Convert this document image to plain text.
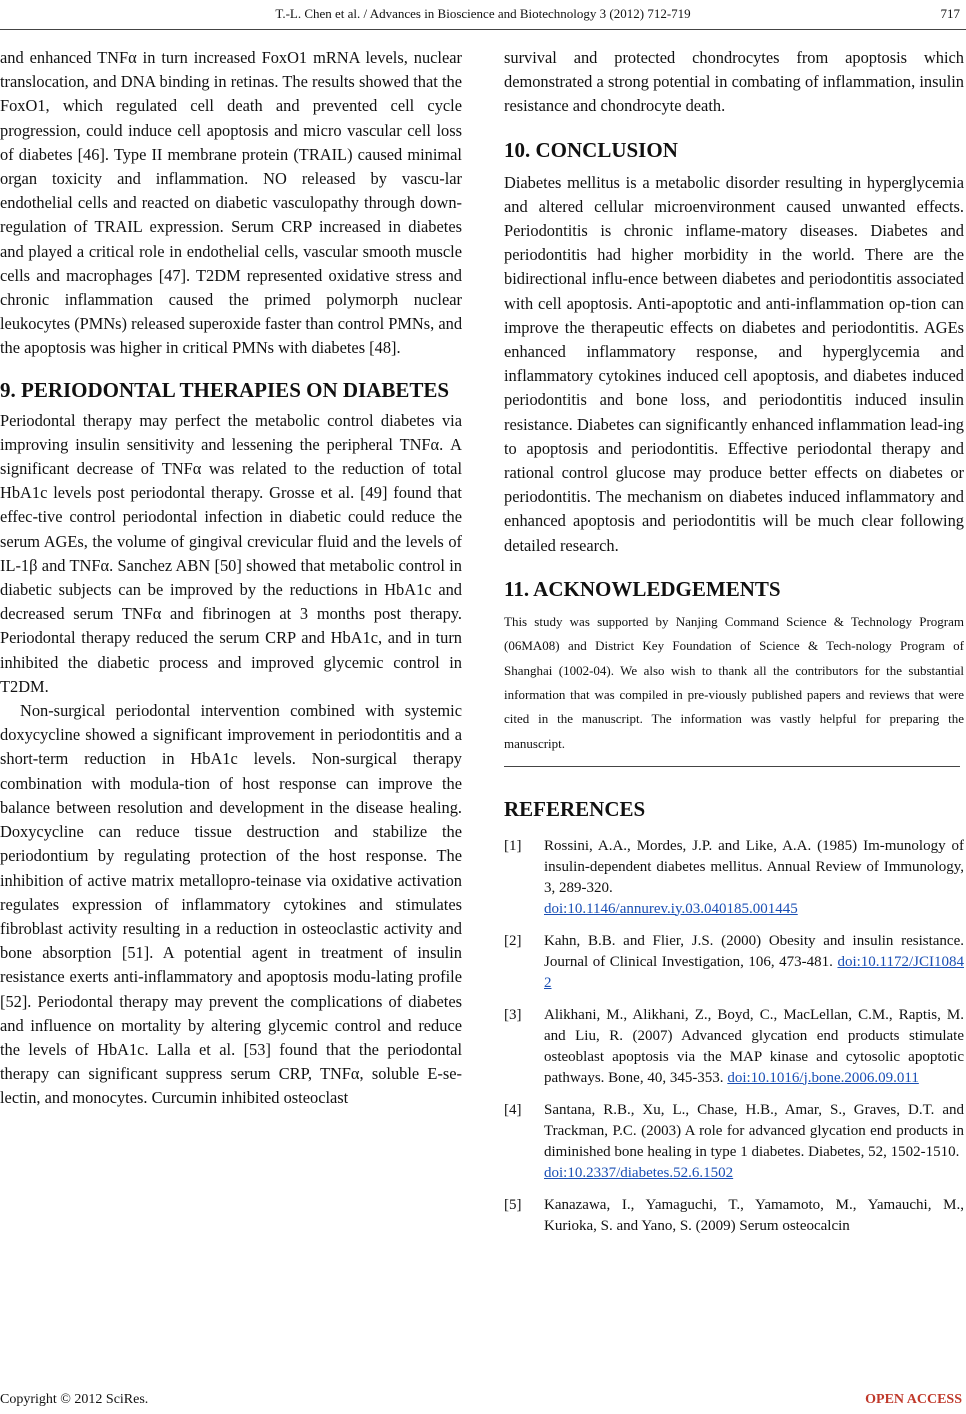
T.-L. Chen et al. / Advances in Bioscience and Biotechnology 3 (2012) 712-719	717

and enhanced TNFα in turn increased FoxO1 mRNA levels, nuclear translocation, and DNA binding in retinas. The results showed that the FoxO1, which regulated cell death and prevented cell cycle progression, could induce cell apoptosis and micro vascular cell loss of diabetes [46]. Type II membrane protein (TRAIL) caused minimal organ toxicity and inflammation. NO released by vascu-lar endothelial cells and reacted on diabetic vasculopathy through down-regulation of TRAIL expression. Serum CRP increased in diabetes and played a critical role in endothelial cells, vascular smooth muscle cells and macrophages [47]. T2DM represented oxidative stress and chronic inflammation caused the primed polymorph nuclear leukocytes (PMNs) released superoxide faster than control PMNs, and the apoptosis was higher in critical PMNs with diabetes [48].

9. PERIODONTAL THERAPIES ON DIABETES

Periodontal therapy may perfect the metabolic control diabetes via improving insulin sensitivity and lessening the peripheral TNFα. A significant decrease of TNFα was related to the reduction of total HbA1c levels post periodontal therapy. Grosse et al. [49] found that effec-tive control periodontal infection in diabetic could reduce the serum AGEs, the volume of gingival crevicular fluid and the levels of IL-1β and TNFα. Sanchez ABN [50] showed that metabolic control in diabetic subjects can be improved by the reductions in HbA1c and decreased serum TNFα and fibrinogen at 3 months post therapy. Periodontal therapy reduced the serum CRP and HbA1c, and in turn inhibited the diabetic process and improved glycemic control in T2DM.

Non-surgical periodontal intervention combined with systemic doxycycline showed a significant improvement in periodontitis and a short-term reduction in HbA1c levels. Non-surgical therapy combination with modula-tion of host response can improve the balance between resolution and development in the disease healing. Doxycycline can reduce tissue destruction and stabilize the periodontium by regulating protection of the host response. The inhibition of active matrix metallopro-teinase via oxidative activation regulates expression of inflammatory cytokines and stimulates fibroblast activity resulting in a reduction in osteoclastic activity and bone absorption [51]. A potential agent in treatment of insulin resistance exerts anti-inflammatory and apoptosis modu-lating profile [52]. Periodontal therapy may prevent the complications of diabetes and influence on mortality by altering glycemic control and reduce the levels of HbA1c. Lalla et al. [53] found that the periodontal therapy can significant suppress serum CRP, TNFα, soluble E-se-lectin, and monocytes. Curcumin inhibited osteoclast

survival and protected chondrocytes from apoptosis which demonstrated a strong potential in combating of inflammation, insulin resistance and chondrocyte death.

10. CONCLUSION

Diabetes mellitus is a metabolic disorder resulting in hyperglycemia and altered cellular microenvironment caused unwanted effects. Periodontitis is chronic inflame-matory diseases. Diabetes and periodontitis had higher morbidity in the world. There are the bidirectional influ-ence between diabetes and periodontitis associated with cell apoptosis. Anti-apoptotic and anti-inflammation op-tion can improve the therapeutic effects on diabetes and periodontitis. AGEs enhanced inflammatory response, and hyperglycemia and inflammatory cytokines induced cell apoptosis, and diabetes induced periodontitis and bone loss, and periodontitis induced insulin resistance. Diabetes can significantly enhanced inflammation lead-ing to apoptosis and periodontitis. Effective periodontal therapy and rational control glucose may produce better effects on diabetes or periodontitis. The mechanism on diabetes induced inflammatory and enhanced apoptosis and periodontitis will be much clear following detailed research.

11. ACKNOWLEDGEMENTS

This study was supported by Nanjing Command Science & Technology Program (06MA08) and District Key Foundation of Science & Tech-nology Program of Shanghai (1002-04). We also wish to thank all the contributors for the substantial information that was compiled in pre-viously published papers and reviews that were cited in the manuscript. The information was vastly helpful for preparing the manuscript.

REFERENCES
[1]	Rossini, A.A., Mordes, J.P. and Like, A.A. (1985) Im-munology of insulin-dependent diabetes mellitus. Annual Review of Immunology, 3, 289-320.
doi:10.1146/annurev.iy.03.040185.001445
[2]	Kahn, B.B. and Flier, J.S. (2000) Obesity and insulin resistance. Journal of Clinical Investigation, 106, 473-481. doi:10.1172/JCI10842
[3]	Alikhani, M., Alikhani, Z., Boyd, C., MacLellan, C.M., Raptis, M. and Liu, R. (2007) Advanced glycation end products stimulate osteoblast apoptosis via the MAP kinase and cytosolic apoptotic pathways. Bone, 40, 345-353. doi:10.1016/j.bone.2006.09.011
[4]	Santana, R.B., Xu, L., Chase, H.B., Amar, S., Graves, D.T. and Trackman, P.C. (2003) A role for advanced glycation end products in diminished bone healing in type 1 diabetes. Diabetes, 52, 1502-1510.
doi:10.2337/diabetes.52.6.1502
[5]	Kanazawa, I., Yamaguchi, T., Yamamoto, M., Yamauchi, M., Kurioka, S. and Yano, S. (2009) Serum osteocalcin
Copyright © 2012 SciRes.	OPEN ACCESS
